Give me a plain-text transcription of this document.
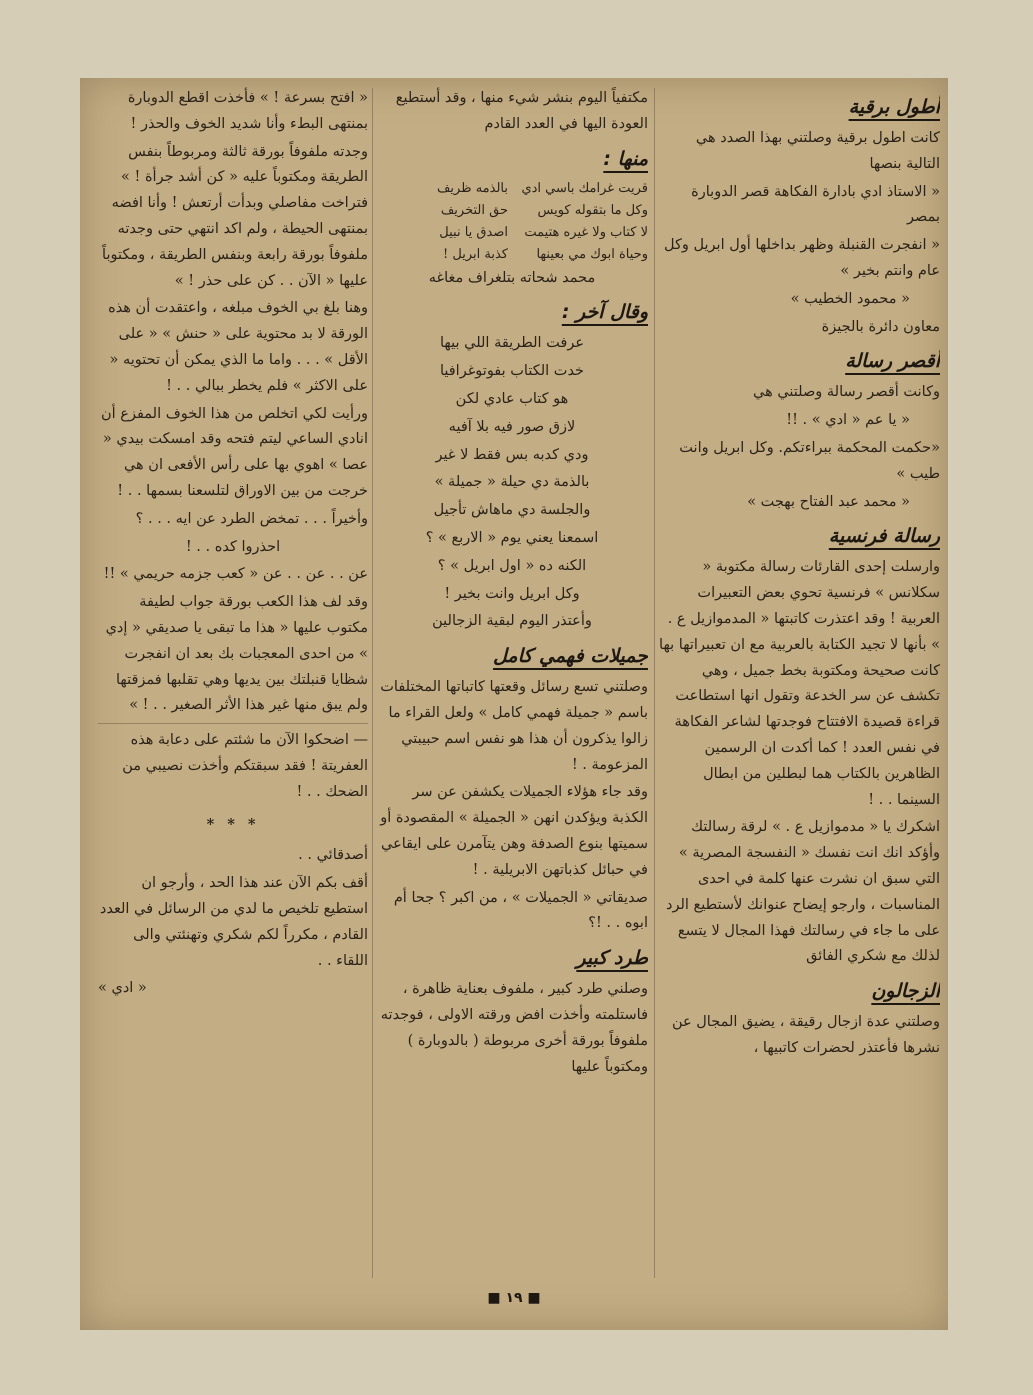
أطول برقية

كانت اطول برقية وصلتني بهذا الصدد هي التالية بنصها

« الاستاذ ادي بادارة الفكاهة قصر الدوبارة بمصر

« انفجرت القنبلة وظهر بداخلها أول ابريل وكل عام وانتم بخير »

« محمود الخطيب »

معاون دائرة بالجيزة

أقصر رسالة

وكانت أقصر رسالة وصلتني هي

« يا عم « ادي » . !!

«حكمت المحكمة ببراءتكم. وكل ابريل وانت طيب »

« محمد عبد الفتاح بهجت »

رسالة فرنسية

وارسلت إحدى القارئات رسالة مكتوبة « سكلانس » فرنسية تحوي بعض التعبيرات العربية ! وقد اعتذرت كاتبتها « المدموازيل ع . » بأنها لا تجيد الكتابة بالعربية مع ان تعبيراتها بها كانت صحيحة ومكتوبة بخط جميل ، وهي تكشف عن سر الخدعة وتقول انها استطاعت قراءة قصيدة الافتتاح فوجدتها لشاعر الفكاهة في نفس العدد ! كما أكدت ان الرسمين الظاهرين بالكتاب هما لبطلين من ابطال السينما . . !

اشكرك يا « مدموازيل ع . » لرقة رسالتك وأؤكد انك انت نفسك « النفسجة المصرية » التي سبق ان نشرت عنها كلمة في احدى المناسبات ، وارجو إيضاح عنوانك لأستطيع الرد على ما جاء في رسالتك فهذا المجال لا يتسع لذلك مع شكري الفائق

الزجالون

وصلتني عدة ازجال رقيقة ، يضيق المجال عن نشرها فأعتذر لحضرات كاتبيها ،

مكتفياً اليوم بنشر شيء منها ، وقد أستطيع العودة اليها في العدد القادم

منها :
قريت غرامك باسي ادي
بالذمه ظريف
وكل ما بتقوله كويس
حق التخريف
لا كتاب ولا غيره هتيمت
اصدق يا نبيل
وحياة ابوك مي بعينها
كذبة ابريل !

محمد شحاته بتلغراف مغاغه

وقال آخر :

عرفت الطريقة اللي بيها

خدت الكتاب بفوتوغرافيا

هو كتاب عادي لكن

لازق صور فيه بلا آفيه

ودي كدبه بس فقط لا غير

بالذمة دي حيلة « جميلة »

والجلسة دي ماهاش تأجيل

اسمعنا يعني يوم « الاربع » ؟

الكنه ده « اول ابريل » ؟

وكل ابريل وانت بخير !

وأعتذر اليوم لبقية الزجالين

جميلات فهمي كامل

وصلتني تسع رسائل وقعتها كاتباتها المختلفات باسم « جميلة فهمي كامل » ولعل القراء ما زالوا يذكرون أن هذا هو نفس اسم حبيبتي المزعومة . !

وقد جاء هؤلاء الجميلات يكشفن عن سر الكذبة ويؤكدن انهن « الجميلة » المقصودة أو سميتها بنوع الصدفة وهن يتآمرن على ايقاعي في حبائل كذباتهن الابريلية . !

صديقاتي « الجميلات » ، من اكبر ؟ جحا أم ابوه . . !؟

طرد كبير

وصلني طرد كبير ، ملفوف بعناية ظاهرة ، فاستلمته وأخذت افض ورقته الاولى ، فوجدته ملفوفاً بورقة أخرى مربوطة ( بالدوبارة ) ومكتوباً عليها

« افتح بسرعة ! » فأخذت اقطع الدوبارة بمنتهى البطء وأنا شديد الخوف والحذر !

وجدته ملفوفاً بورقة ثالثة ومربوطاً بنفس الطريقة ومكتوباً عليه « كن أشد جرأة ! » فتراخت مفاصلي وبدأت أرتعش ! وأنا افضه بمنتهى الحيطة ، ولم اكد انتهي حتى وجدته ملفوفاً بورقة رابعة وبنفس الطريقة ، ومكتوباً عليها « الآن . . كن على حذر ! »

وهنا بلغ بي الخوف مبلغه ، واعتقدت أن هذه الورقة لا بد محتوية على « حنش » « على الأقل » . . . واما ما الذي يمكن أن تحتويه « على الاكثر » فلم يخطر ببالي . . !

ورأيت لكي اتخلص من هذا الخوف المفزع أن انادي الساعي ليتم فتحه وقد امسكت بيدي « عصا » اهوي بها على رأس الأفعى ان هي خرجت من بين الاوراق لتلسعنا بسمها . . !

وأخيراً . . . تمخض الطرد عن ايه . . . ؟

احذروا كده . . !

عن . . عن . . عن « كعب جزمه حريمي » !!

وقد لف هذا الكعب بورقة جواب لطيفة مكتوب عليها « هذا ما تبقى يا صديقي « إدي » من احدى المعجبات بك بعد ان انفجرت شظايا قنبلتك بين يديها وهي تقلبها فمزقتها ولم يبق منها غير هذا الأثر الصغير . . ! »

— اضحكوا الآن ما شئتم على دعابة هذه العفريتة ! فقد سبقتكم وأخذت نصيبي من الضحك . . !

* * *

أصدقائي . .

أقف بكم الآن عند هذا الحد ، وأرجو ان استطيع تلخيص ما لدي من الرسائل في العدد القادم ، مكرراً لكم شكري وتهنئتي والى اللقاء . .

« ادي »

■ ١٩ ■
